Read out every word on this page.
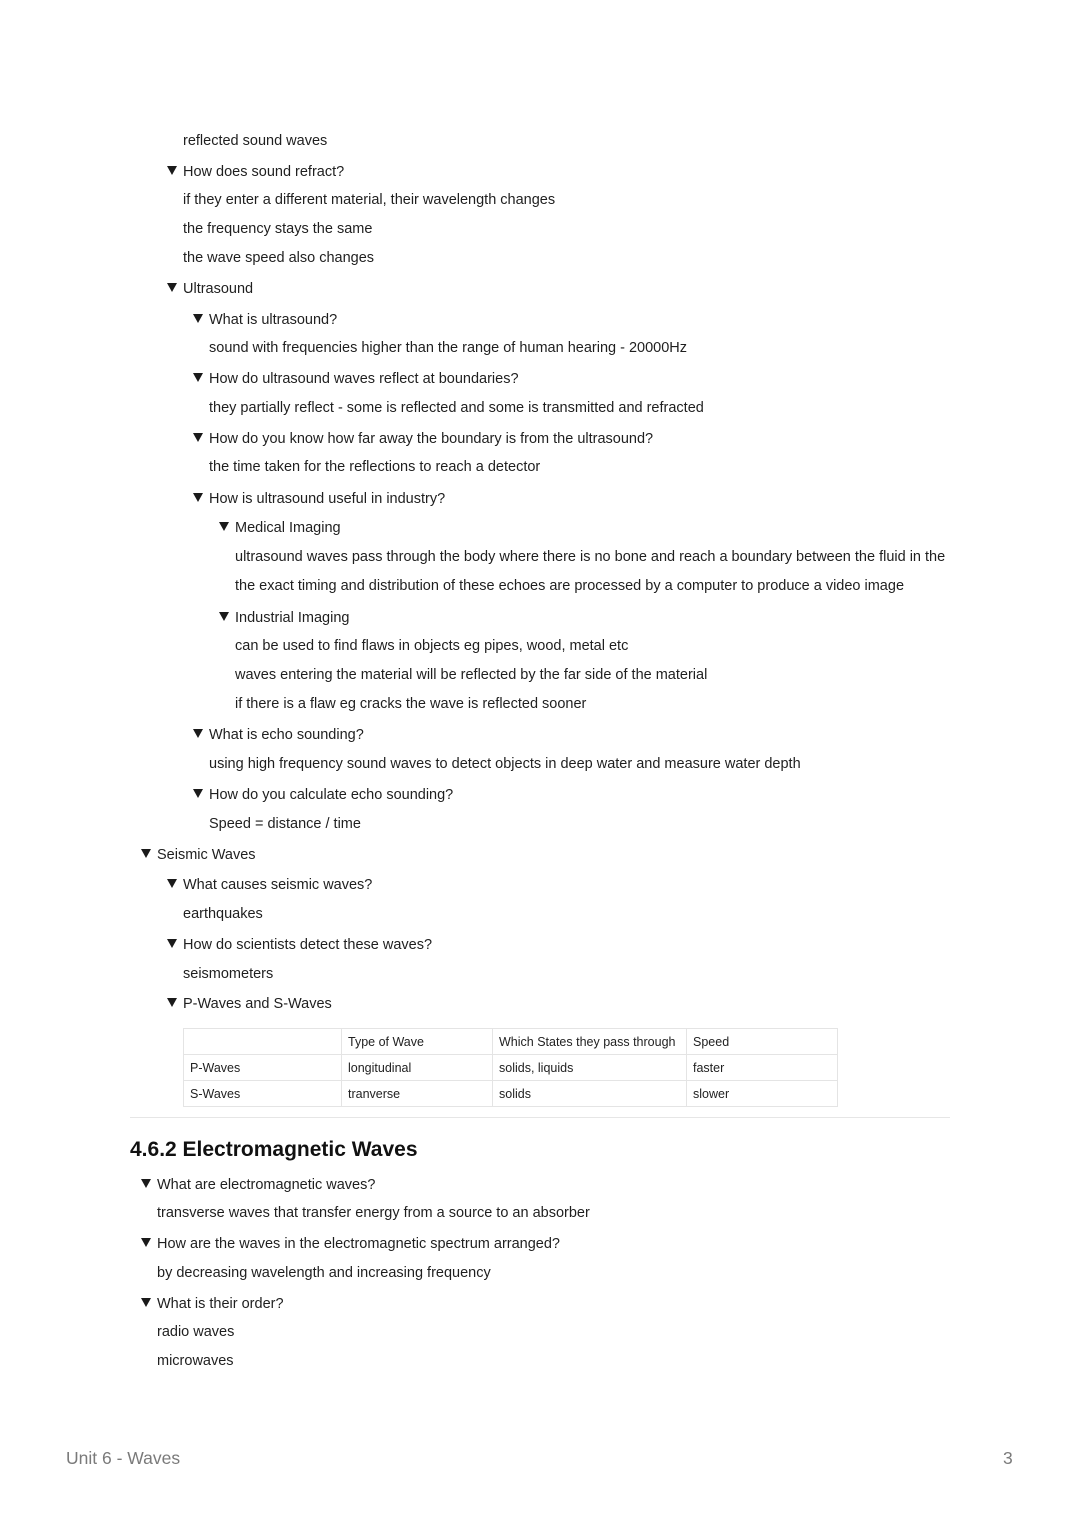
reflected sound waves
How does sound refract?
if they enter a different material, their wavelength changes
the frequency stays the same
the wave speed also changes
Ultrasound
What is ultrasound?
sound with frequencies higher than the range of human hearing - 20000Hz
How do ultrasound waves reflect at boundaries?
they partially reflect - some is reflected and some is transmitted and refracted
How do you know how far away the boundary is from the ultrasound?
the time taken for the reflections to reach a detector
How is ultrasound useful in industry?
Medical Imaging
ultrasound waves pass through the body where there is no bone and reach a boundary between the fluid in the
the exact timing and distribution of these echoes are processed by a computer to produce a video image
Industrial Imaging
can be used to find flaws in objects eg pipes, wood, metal etc
waves entering the material will be reflected by the far side of the material
if there is a flaw eg cracks the wave is reflected sooner
What is echo sounding?
using high frequency sound waves to detect objects in deep water and measure water depth
How do you calculate echo sounding?
Speed = distance / time
Seismic Waves
What causes seismic waves?
earthquakes
How do scientists detect these waves?
seismometers
P-Waves and S-Waves
	Type of Wave	Which States they pass through	Speed
P-Waves	longitudinal	solids, liquids	faster
S-Waves	tranverse	solids	slower
4.6.2 Electromagnetic Waves
What are electromagnetic waves?
transverse waves that transfer energy from a source to an absorber
How are the waves in the electromagnetic spectrum arranged?
by decreasing wavelength and increasing frequency
What is their order?
radio waves
microwaves
Unit 6 - Waves	3
